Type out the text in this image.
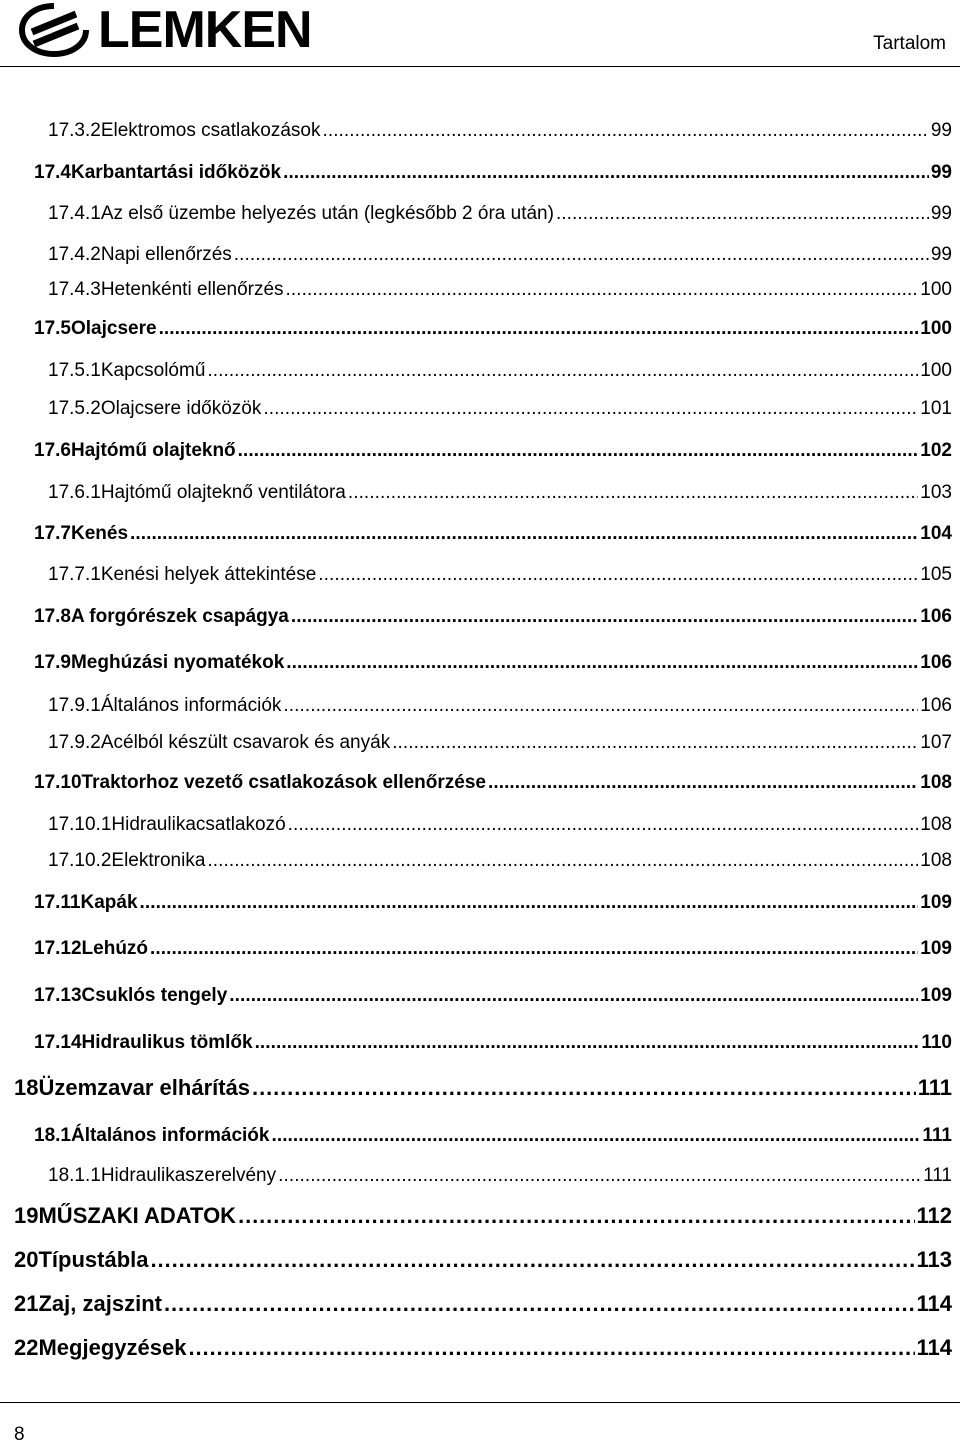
LEMKEN	Tartalom
17.3.2 Elektromos csatlakozások . . .	99
17.4 Karbantartási időközök . . .	99
17.4.1 Az első üzembe helyezés után (legkésőbb 2 óra után) . . .	99
17.4.2 Napi ellenőrzés . . .	99
17.4.3 Hetenkénti ellenőrzés . . .	100
17.5 Olajcsere . . .	100
17.5.1 Kapcsolómű . . .	100
17.5.2 Olajcsere időközök . . .	101
17.6 Hajtómű olajteknő . . .	102
17.6.1 Hajtómű olajteknő ventilátora . . .	103
17.7 Kenés . . .	104
17.7.1 Kenési helyek áttekintése . . .	105
17.8 A forgórészek csapágya . . .	106
17.9 Meghúzási nyomatékok . . .	106
17.9.1 Általános információk . . .	106
17.9.2 Acélból készült csavarok és anyák . . .	107
17.10 Traktorhoz vezető csatlakozások ellenőrzése . . .	108
17.10.1 Hidraulikacsatlakozó . . .	108
17.10.2 Elektronika . . .	108
17.11 Kapák . . .	109
17.12 Lehúzó . . .	109
17.13 Csuklós tengely . . .	109
17.14 Hidraulikus tömlők . . .	110
18 Üzemzavar elhárítás . . .	111
18.1 Általános információk . . .	111
18.1.1 Hidraulikaszerelvény . . .	111
19 MŰSZAKI ADATOK . . .	112
20 Típustábla . . .	113
21 Zaj, zajszint . . .	114
22 Megjegyzések . . .	114
8
